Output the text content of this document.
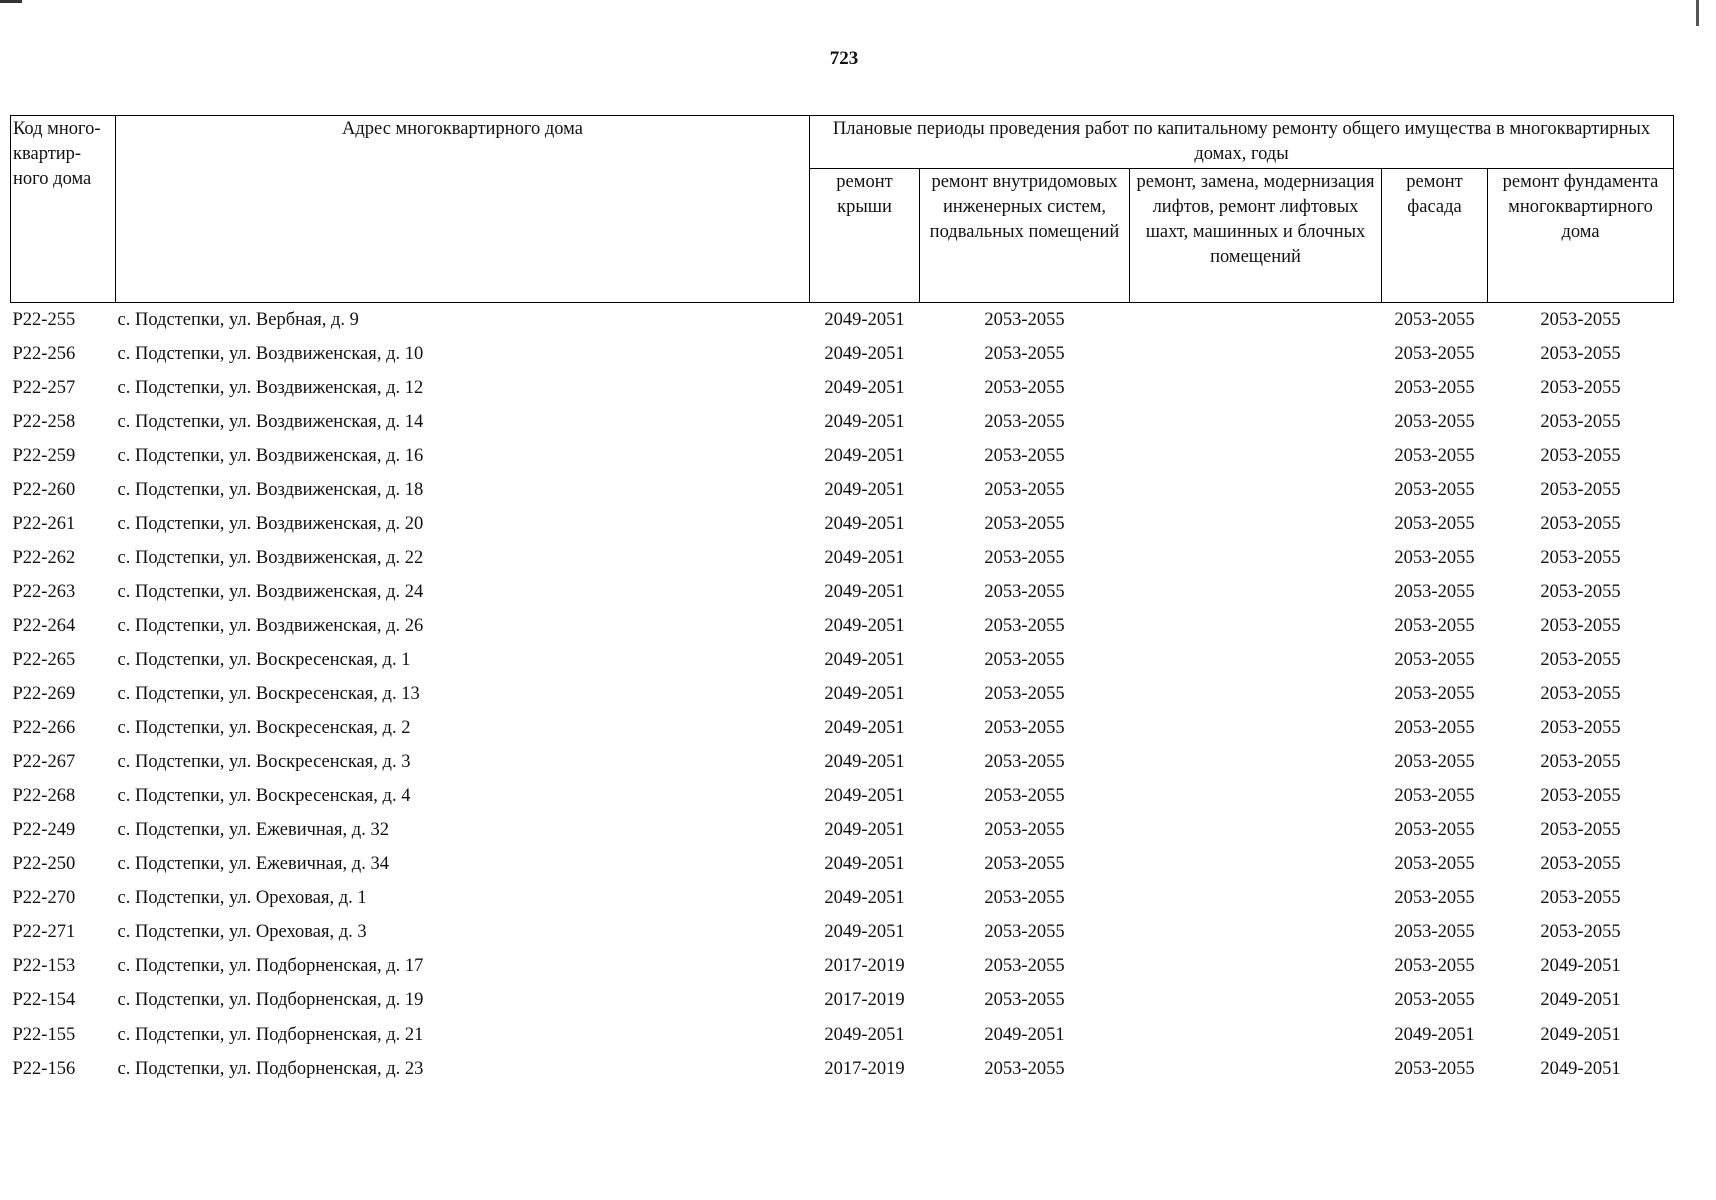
723
Код много-квартир-ного дома	Адрес многоквартирного дома	Плановые периоды проведения работ по капитальному ремонту общего имущества в многоквартирных домах, годы				
		ремонт крыши	ремонт внутридомовых инженерных систем, подвальных помещений	ремонт, замена, модернизация лифтов, ремонт лифтовых шахт, машинных и блочных помещений	ремонт фасада	ремонт фундамента многоквартирного дома
Р22-255	с. Подстепки, ул. Вербная, д. 9	2049-2051	2053-2055		2053-2055	2053-2055
Р22-256	с. Подстепки, ул. Воздвиженская, д. 10	2049-2051	2053-2055		2053-2055	2053-2055
Р22-257	с. Подстепки, ул. Воздвиженская, д. 12	2049-2051	2053-2055		2053-2055	2053-2055
Р22-258	с. Подстепки, ул. Воздвиженская, д. 14	2049-2051	2053-2055		2053-2055	2053-2055
Р22-259	с. Подстепки, ул. Воздвиженская, д. 16	2049-2051	2053-2055		2053-2055	2053-2055
Р22-260	с. Подстепки, ул. Воздвиженская, д. 18	2049-2051	2053-2055		2053-2055	2053-2055
Р22-261	с. Подстепки, ул. Воздвиженская, д. 20	2049-2051	2053-2055		2053-2055	2053-2055
Р22-262	с. Подстепки, ул. Воздвиженская, д. 22	2049-2051	2053-2055		2053-2055	2053-2055
Р22-263	с. Подстепки, ул. Воздвиженская, д. 24	2049-2051	2053-2055		2053-2055	2053-2055
Р22-264	с. Подстепки, ул. Воздвиженская, д. 26	2049-2051	2053-2055		2053-2055	2053-2055
Р22-265	с. Подстепки, ул. Воскресенская, д. 1	2049-2051	2053-2055		2053-2055	2053-2055
Р22-269	с. Подстепки, ул. Воскресенская, д. 13	2049-2051	2053-2055		2053-2055	2053-2055
Р22-266	с. Подстепки, ул. Воскресенская, д. 2	2049-2051	2053-2055		2053-2055	2053-2055
Р22-267	с. Подстепки, ул. Воскресенская, д. 3	2049-2051	2053-2055		2053-2055	2053-2055
Р22-268	с. Подстепки, ул. Воскресенская, д. 4	2049-2051	2053-2055		2053-2055	2053-2055
Р22-249	с. Подстепки, ул. Ежевичная, д. 32	2049-2051	2053-2055		2053-2055	2053-2055
Р22-250	с. Подстепки, ул. Ежевичная, д. 34	2049-2051	2053-2055		2053-2055	2053-2055
Р22-270	с. Подстепки, ул. Ореховая, д. 1	2049-2051	2053-2055		2053-2055	2053-2055
Р22-271	с. Подстепки, ул. Ореховая, д. 3	2049-2051	2053-2055		2053-2055	2053-2055
Р22-153	с. Подстепки, ул. Подборненская, д. 17	2017-2019	2053-2055		2053-2055	2049-2051
Р22-154	с. Подстепки, ул. Подборненская, д. 19	2017-2019	2053-2055		2053-2055	2049-2051
Р22-155	с. Подстепки, ул. Подборненская, д. 21	2049-2051	2049-2051		2049-2051	2049-2051
Р22-156	с. Подстепки, ул. Подборненская, д. 23	2017-2019	2053-2055		2053-2055	2049-2051
